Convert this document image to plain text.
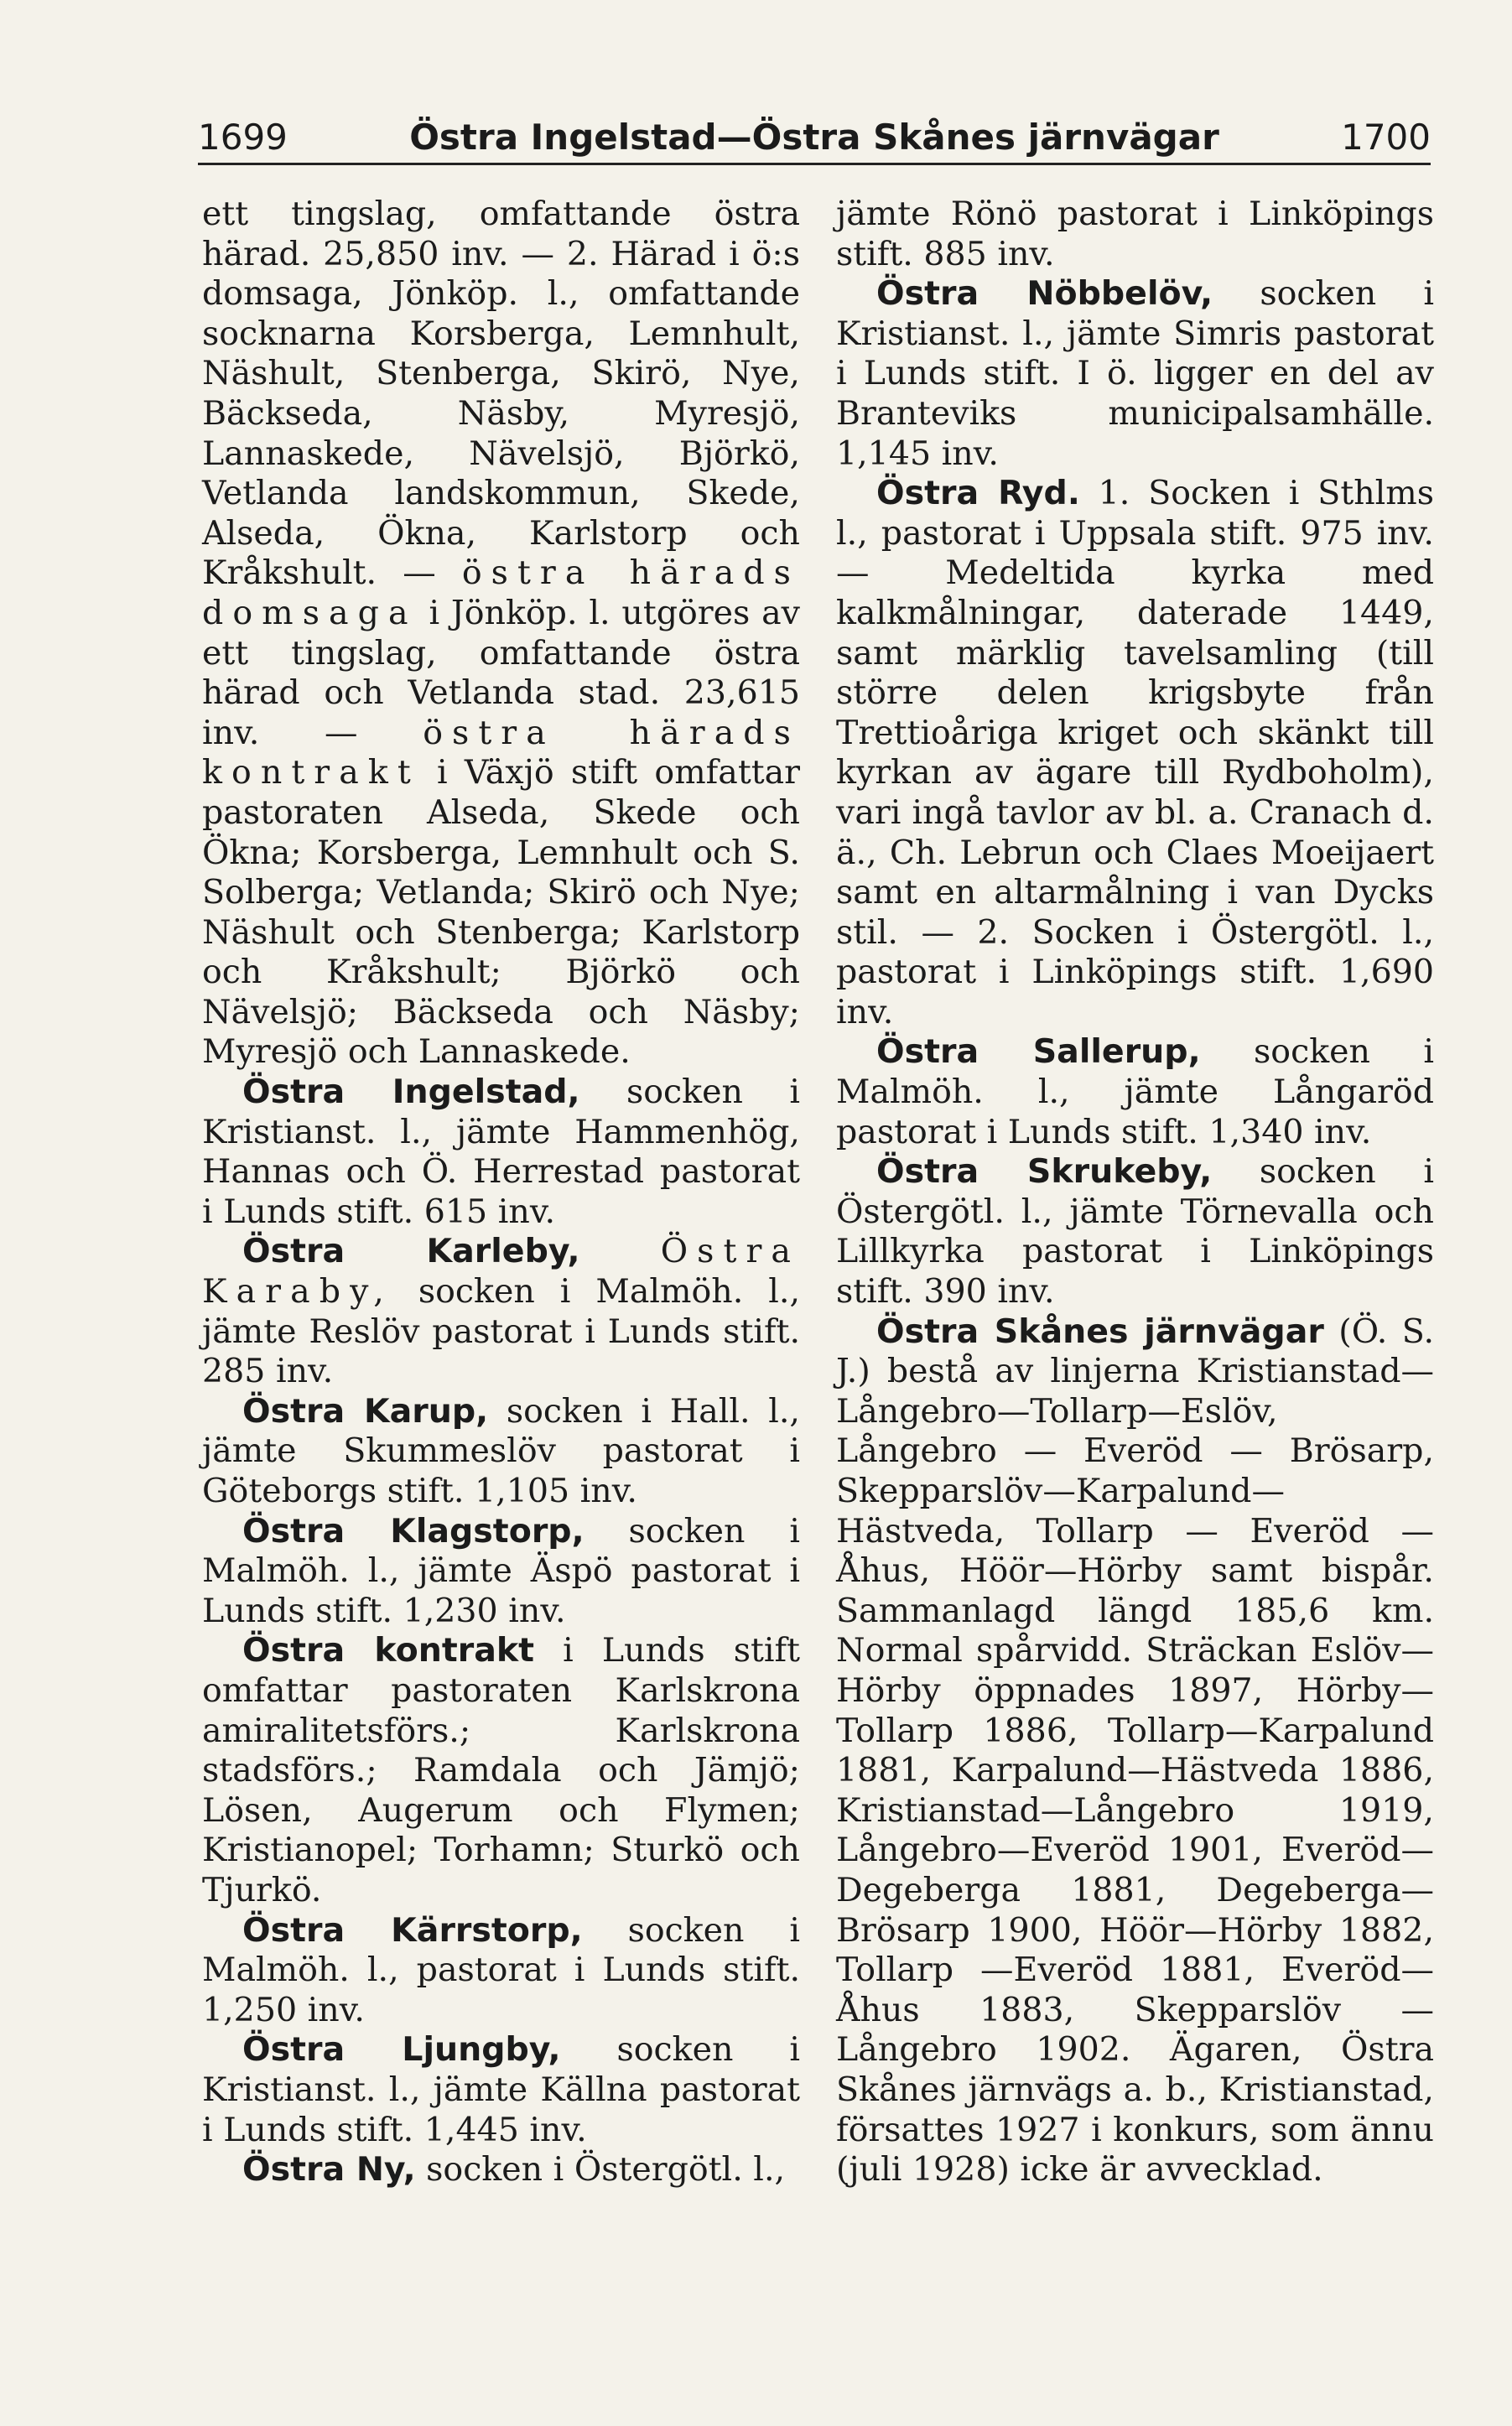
1699	Östra Ingelstad—Östra Skånes järnvägar	1700

ett tingslag, omfattande östra härad. 25,850 inv. — 2. Härad i ö:s domsaga, Jönköp. l., omfattande socknarna Korsberga, Lemnhult, Näshult, Stenberga, Skirö, Nye, Bäckseda, Näsby, Myresjö, Lannaskede, Nävelsjö, Björkö, Vetlanda landskommun, Skede, Alseda, Ökna, Karlstorp och Kråkshult. — östra härads domsaga i Jönköp. l. utgöres av ett tingslag, omfattande östra härad och Vetlanda stad. 23,615 inv. — östra härads kontrakt i Växjö stift omfattar pastoraten Alseda, Skede och Ökna; Korsberga, Lemnhult och S. Solberga; Vetlanda; Skirö och Nye; Näshult och Stenberga; Karlstorp och Kråkshult; Björkö och Nävelsjö; Bäckseda och Näsby; Myresjö och Lannaskede.

Östra Ingelstad, socken i Kristianst. l., jämte Hammenhög, Hannas och Ö. Herrestad pastorat i Lunds stift. 615 inv.

Östra Karleby, Östra Karaby, socken i Malmöh. l., jämte Reslöv pastorat i Lunds stift. 285 inv.

Östra Karup, socken i Hall. l., jämte Skummeslöv pastorat i Göteborgs stift. 1,105 inv.

Östra Klagstorp, socken i Malmöh. l., jämte Äspö pastorat i Lunds stift. 1,230 inv.

Östra kontrakt i Lunds stift omfattar pastoraten Karlskrona amiralitetsförs.; Karlskrona stadsförs.; Ramdala och Jämjö; Lösen, Augerum och Flymen; Kristianopel; Torhamn; Sturkö och Tjurkö.

Östra Kärrstorp, socken i Malmöh. l., pastorat i Lunds stift. 1,250 inv.

Östra Ljungby, socken i Kristianst. l., jämte Källna pastorat i Lunds stift. 1,445 inv.

Östra Ny, socken i Östergötl. l.,

jämte Rönö pastorat i Linköpings stift. 885 inv.

Östra Nöbbelöv, socken i Kristianst. l., jämte Simris pastorat i Lunds stift. I ö. ligger en del av Branteviks municipalsamhälle. 1,145 inv.

Östra Ryd. 1. Socken i Sthlms l., pastorat i Uppsala stift. 975 inv. — Medeltida kyrka med kalkmålningar, daterade 1449, samt märklig tavelsamling (till större delen krigsbyte från Trettioåriga kriget och skänkt till kyrkan av ägare till Rydboholm), vari ingå tavlor av bl. a. Cranach d. ä., Ch. Lebrun och Claes Moeijaert samt en altarmålning i van Dycks stil. — 2. Socken i Östergötl. l., pastorat i Linköpings stift. 1,690 inv.

Östra Sallerup, socken i Malmöh. l., jämte Långaröd pastorat i Lunds stift. 1,340 inv.

Östra Skrukeby, socken i Östergötl. l., jämte Törnevalla och Lillkyrka pastorat i Linköpings stift. 390 inv.

Östra Skånes järnvägar (Ö. S. J.) bestå av linjerna Kristianstad—Långebro—Tollarp—Eslöv, Långebro — Everöd — Brösarp, Skepparslöv—Karpalund—Hästveda, Tollarp — Everöd — Åhus, Höör—Hörby samt bispår. Sammanlagd längd 185,6 km. Normal spårvidd. Sträckan Eslöv—Hörby öppnades 1897, Hörby—Tollarp 1886, Tollarp—Karpalund 1881, Karpalund—Hästveda 1886, Kristianstad—Långebro 1919, Långebro—Everöd 1901, Everöd—Degeberga 1881, Degeberga—Brösarp 1900, Höör—Hörby 1882, Tollarp —Everöd 1881, Everöd—Åhus 1883, Skepparslöv — Långebro 1902. Ägaren, Östra Skånes järnvägs a. b., Kristianstad, försattes 1927 i konkurs, som ännu (juli 1928) icke är avvecklad.
